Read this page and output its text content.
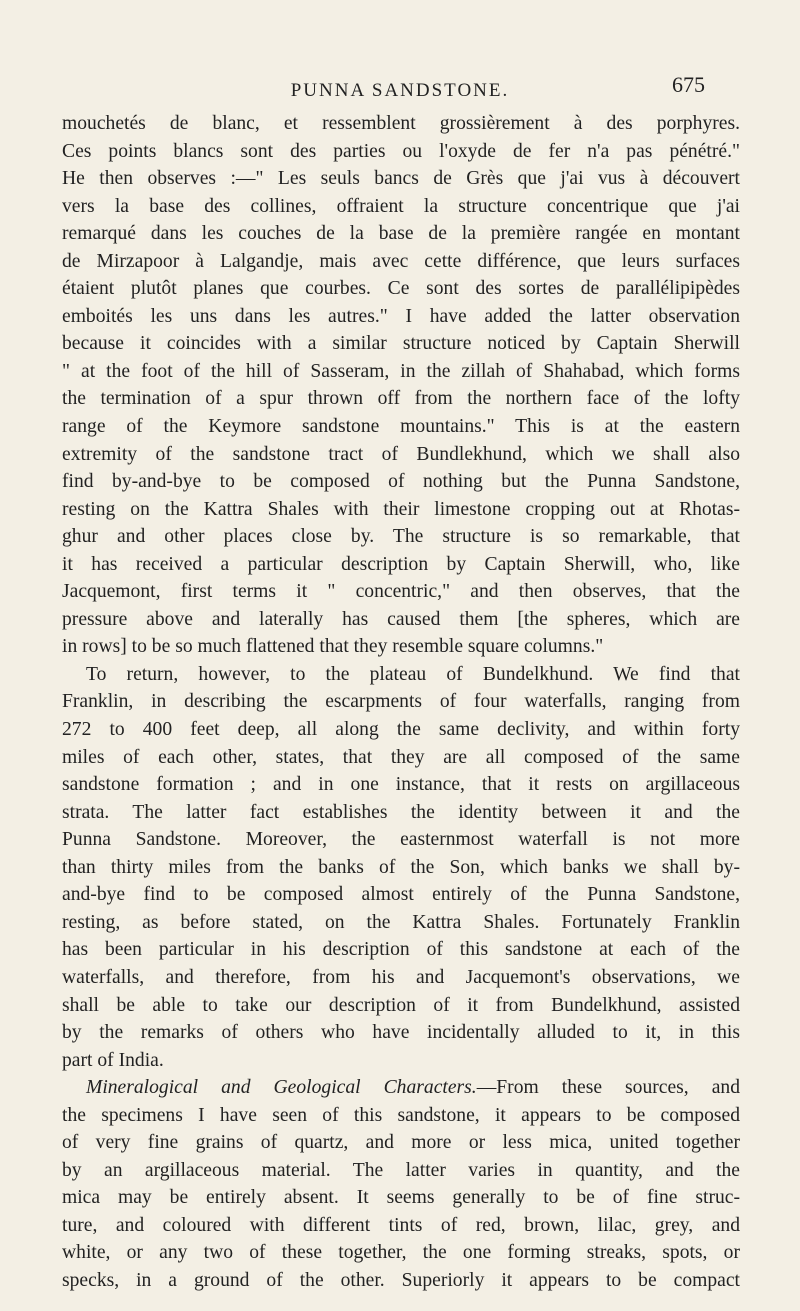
PUNNA SANDSTONE.	675
mouchetés de blanc, et ressemblent grossièrement à des porphyres.
Ces points blancs sont des parties ou l'oxyde de fer n'a pas pénétré."
He then observes :—" Les seuls bancs de Grès que j'ai vus à découvert
vers la base des collines, offraient la structure concentrique que j'ai
remarqué dans les couches de la base de la première rangée en montant
de Mirzapoor à Lalgandje, mais avec cette différence, que leurs surfaces
étaient plutôt planes que courbes. Ce sont des sortes de parallélipipèdes
emboités les uns dans les autres." I have added the latter observation
because it coincides with a similar structure noticed by Captain Sherwill
" at the foot of the hill of Sasseram, in the zillah of Shahabad, which forms
the termination of a spur thrown off from the northern face of the lofty
range of the Keymore sandstone mountains." This is at the eastern
extremity of the sandstone tract of Bundlekhund, which we shall also
find by-and-bye to be composed of nothing but the Punna Sandstone,
resting on the Kattra Shales with their limestone cropping out at Rhotas-
ghur and other places close by. The structure is so remarkable, that
it has received a particular description by Captain Sherwill, who, like
Jacquemont, first terms it " concentric," and then observes, that the
pressure above and laterally has caused them [the spheres, which are
in rows] to be so much flattened that they resemble square columns."
To return, however, to the plateau of Bundelkhund. We find that
Franklin, in describing the escarpments of four waterfalls, ranging from
272 to 400 feet deep, all along the same declivity, and within forty
miles of each other, states, that they are all composed of the same
sandstone formation ; and in one instance, that it rests on argillaceous
strata. The latter fact establishes the identity between it and the
Punna Sandstone. Moreover, the easternmost waterfall is not more
than thirty miles from the banks of the Son, which banks we shall by-
and-bye find to be composed almost entirely of the Punna Sandstone,
resting, as before stated, on the Kattra Shales. Fortunately Franklin
has been particular in his description of this sandstone at each of the
waterfalls, and therefore, from his and Jacquemont's observations, we
shall be able to take our description of it from Bundelkhund, assisted
by the remarks of others who have incidentally alluded to it, in this
part of India.
Mineralogical and Geological Characters.—From these sources, and
the specimens I have seen of this sandstone, it appears to be composed
of very fine grains of quartz, and more or less mica, united together
by an argillaceous material. The latter varies in quantity, and the
mica may be entirely absent. It seems generally to be of fine struc-
ture, and coloured with different tints of red, brown, lilac, grey, and
white, or any two of these together, the one forming streaks, spots, or
specks, in a ground of the other. Superiorly it appears to be compact
